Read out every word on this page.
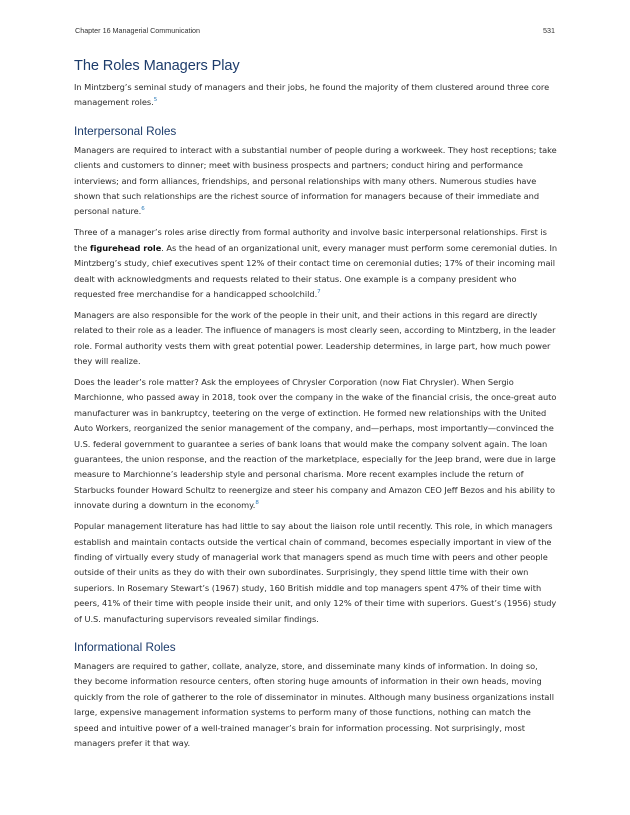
Chapter 16 Managerial Communication	531
The Roles Managers Play

In Mintzberg’s seminal study of managers and their jobs, he found the majority of them clustered around three core management roles.$^5$

Interpersonal Roles

Managers are required to interact with a substantial number of people during a workweek. They host receptions; take clients and customers to dinner; meet with business prospects and partners; conduct hiring and performance interviews; and form alliances, friendships, and personal relationships with many others. Numerous studies have shown that such relationships are the richest source of information for managers because of their immediate and personal nature.$^6$

Three of a manager’s roles arise directly from formal authority and involve basic interpersonal relationships. First is the figurehead role. As the head of an organizational unit, every manager must perform some ceremonial duties. In Mintzberg’s study, chief executives spent 12% of their contact time on ceremonial duties; 17% of their incoming mail dealt with acknowledgments and requests related to their status. One example is a company president who requested free merchandise for a handicapped schoolchild.$^7$

Managers are also responsible for the work of the people in their unit, and their actions in this regard are directly related to their role as a leader. The influence of managers is most clearly seen, according to Mintzberg, in the leader role. Formal authority vests them with great potential power. Leadership determines, in large part, how much power they will realize.

Does the leader’s role matter? Ask the employees of Chrysler Corporation (now Fiat Chrysler). When Sergio Marchionne, who passed away in 2018, took over the company in the wake of the financial crisis, the once-great auto manufacturer was in bankruptcy, teetering on the verge of extinction. He formed new relationships with the United Auto Workers, reorganized the senior management of the company, and—perhaps, most importantly—convinced the U.S. federal government to guarantee a series of bank loans that would make the company solvent again. The loan guarantees, the union response, and the reaction of the marketplace, especially for the Jeep brand, were due in large measure to Marchionne’s leadership style and personal charisma. More recent examples include the return of Starbucks founder Howard Schultz to reenergize and steer his company and Amazon CEO Jeff Bezos and his ability to innovate during a downturn in the economy.$^8$

Popular management literature has had little to say about the liaison role until recently. This role, in which managers establish and maintain contacts outside the vertical chain of command, becomes especially important in view of the finding of virtually every study of managerial work that managers spend as much time with peers and other people outside of their units as they do with their own subordinates. Surprisingly, they spend little time with their own superiors. In Rosemary Stewart’s (1967) study, 160 British middle and top managers spent 47% of their time with peers, 41% of their time with people inside their unit, and only 12% of their time with superiors. Guest’s (1956) study of U.S. manufacturing supervisors revealed similar findings.

Informational Roles

Managers are required to gather, collate, analyze, store, and disseminate many kinds of information. In doing so, they become information resource centers, often storing huge amounts of information in their own heads, moving quickly from the role of gatherer to the role of disseminator in minutes. Although many business organizations install large, expensive management information systems to perform many of those functions, nothing can match the speed and intuitive power of a well-trained manager’s brain for information processing. Not surprisingly, most managers prefer it that way.
